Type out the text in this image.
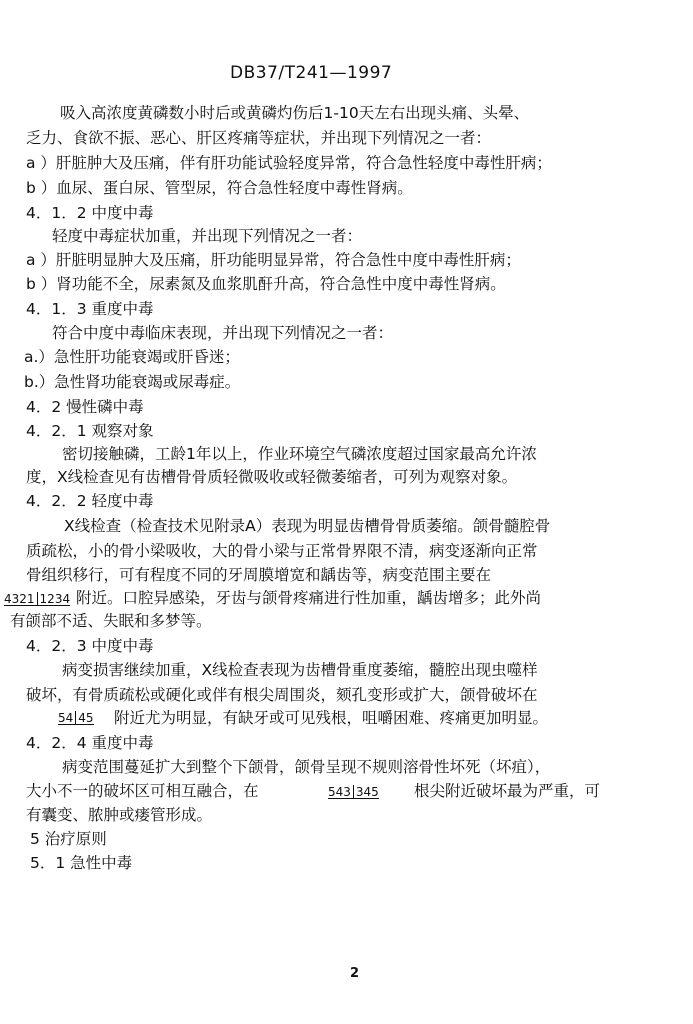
DB37/T241—1997
吸入高浓度黄磷数小时后或黄磷灼伤后1-10天左右出现头痛、头晕、
乏力、食欲不振、恶心、肝区疼痛等症状，并出现下列情况之一者：
a ）肝脏肿大及压痛，伴有肝功能试验轻度异常，符合急性轻度中毒性肝病；
b ）血尿、蛋白尿、管型尿，符合急性轻度中毒性肾病。
4．1．2 中度中毒
轻度中毒症状加重，并出现下列情况之一者：
a ）肝脏明显肿大及压痛，肝功能明显异常，符合急性中度中毒性肝病；
b ）肾功能不全，尿素氮及血浆肌酐升高，符合急性中度中毒性肾病。
4．1．3 重度中毒
符合中度中毒临床表现，并出现下列情况之一者：
a.）急性肝功能衰竭或肝昏迷；
b.）急性肾功能衰竭或尿毒症。
4．2 慢性磷中毒
4．2．1 观察对象
密切接触磷，工龄1年以上，作业环境空气磷浓度超过国家最高允许浓
度，X线检查见有齿槽骨骨质轻微吸收或轻微萎缩者，可列为观察对象。
4．2．2 轻度中毒
X线检查（检查技术见附录A）表现为明显齿槽骨骨质萎缩。颌骨髓腔骨
质疏松，小的骨小梁吸收，大的骨小梁与正常骨界限不清，病变逐渐向正常
骨组织移行，可有程度不同的牙周膜增宽和龋齿等，病变范围主要在
4321 1234 附近。口腔异感染，牙齿与颌骨疼痛进行性加重，龋齿增多；此外尚
有颌部不适、失眠和多梦等。
4．2．3 中度中毒
病变损害继续加重，X线检查表现为齿槽骨重度萎缩，髓腔出现虫噬样
破坏，有骨质疏松或硬化或伴有根尖周围炎，颏孔变形或扩大，颌骨破坏在
54 45 附近尤为明显，有缺牙或可见残根，咀嚼困难、疼痛更加明显。
4．2．4 重度中毒
病变范围蔓延扩大到整个下颌骨，颌骨呈现不规则溶骨性坏死（坏疽），
大小不一的破坏区可相互融合，在	543 345 根尖附近破坏最为严重，可
有囊变、脓肿或瘘管形成。
5 治疗原则
5．1 急性中毒
2
